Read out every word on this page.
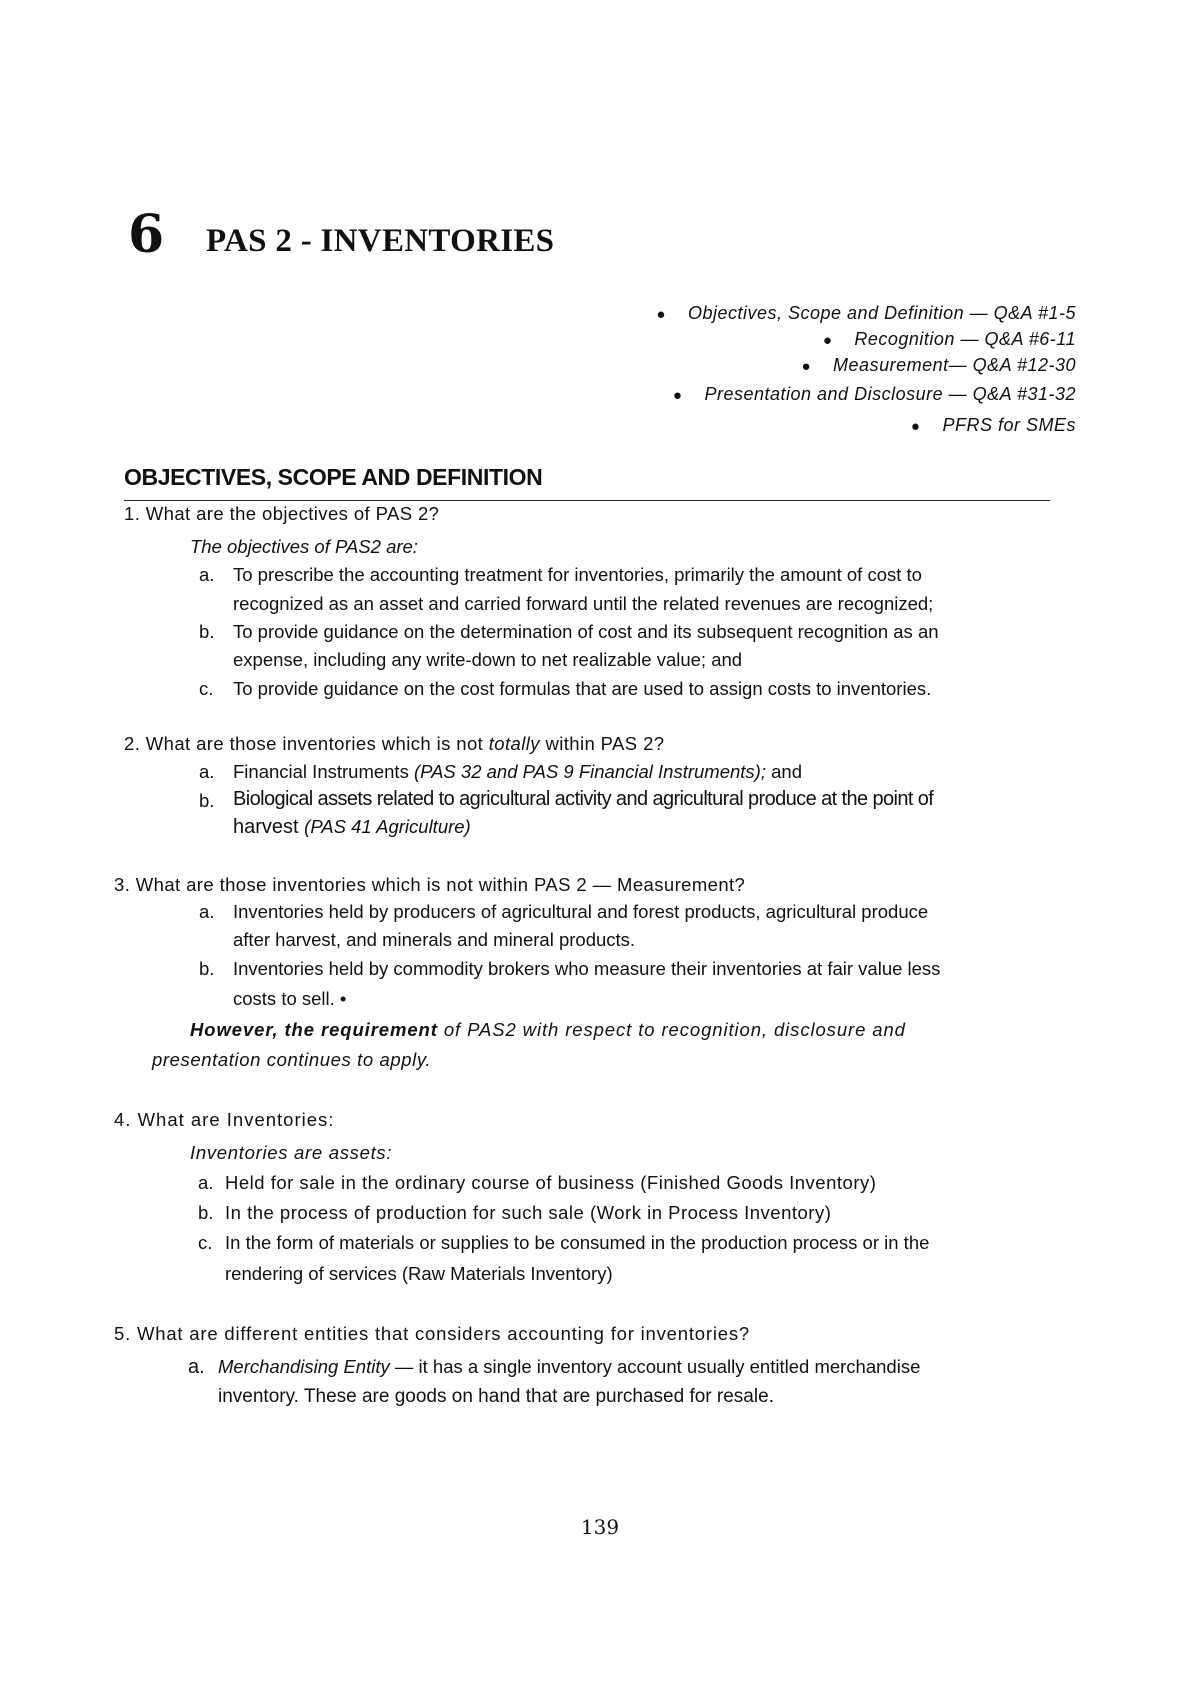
6 PAS 2 - INVENTORIES
● Objectives, Scope and Definition — Q&A #1-5
● Recognition — Q&A #6-11
● Measurement— Q&A #12-30
● Presentation and Disclosure — Q&A #31-32
● PFRS for SMEs
OBJECTIVES, SCOPE AND DEFINITION
1. What are the objectives of PAS 2?
The objectives of PAS2 are:
a. To prescribe the accounting treatment for inventories, primarily the amount of cost to
recognized as an asset and carried forward until the related revenues are recognized;
b. To provide guidance on the determination of cost and its subsequent recognition as an
expense, including any write-down to net realizable value; and
c. To provide guidance on the cost formulas that are used to assign costs to inventories.
2. What are those inventories which is not totally within PAS 2?
a. Financial Instruments (PAS 32 and PAS 9 Financial Instruments); and
b. Biological assets related to agricultural activity and agricultural produce at the point of
harvest (PAS 41 Agriculture)
3. What are those inventories which is not within PAS 2 — Measurement?
a. Inventories held by producers of agricultural and forest products, agricultural produce
after harvest, and minerals and mineral products.
b. Inventories held by commodity brokers who measure their inventories at fair value less
costs to sell. •
However, the requirement of PAS2 with respect to recognition, disclosure and
presentation continues to apply.
4. What are Inventories:
Inventories are assets:
a. Held for sale in the ordinary course of business (Finished Goods Inventory)
b. In the process of production for such sale (Work in Process Inventory)
c. In the form of materials or supplies to be consumed in the production process or in the
rendering of services (Raw Materials Inventory)
5. What are different entities that considers accounting for inventories?
a. Merchandising Entity — it has a single inventory account usually entitled merchandise
inventory. These are goods on hand that are purchased for resale.
139
